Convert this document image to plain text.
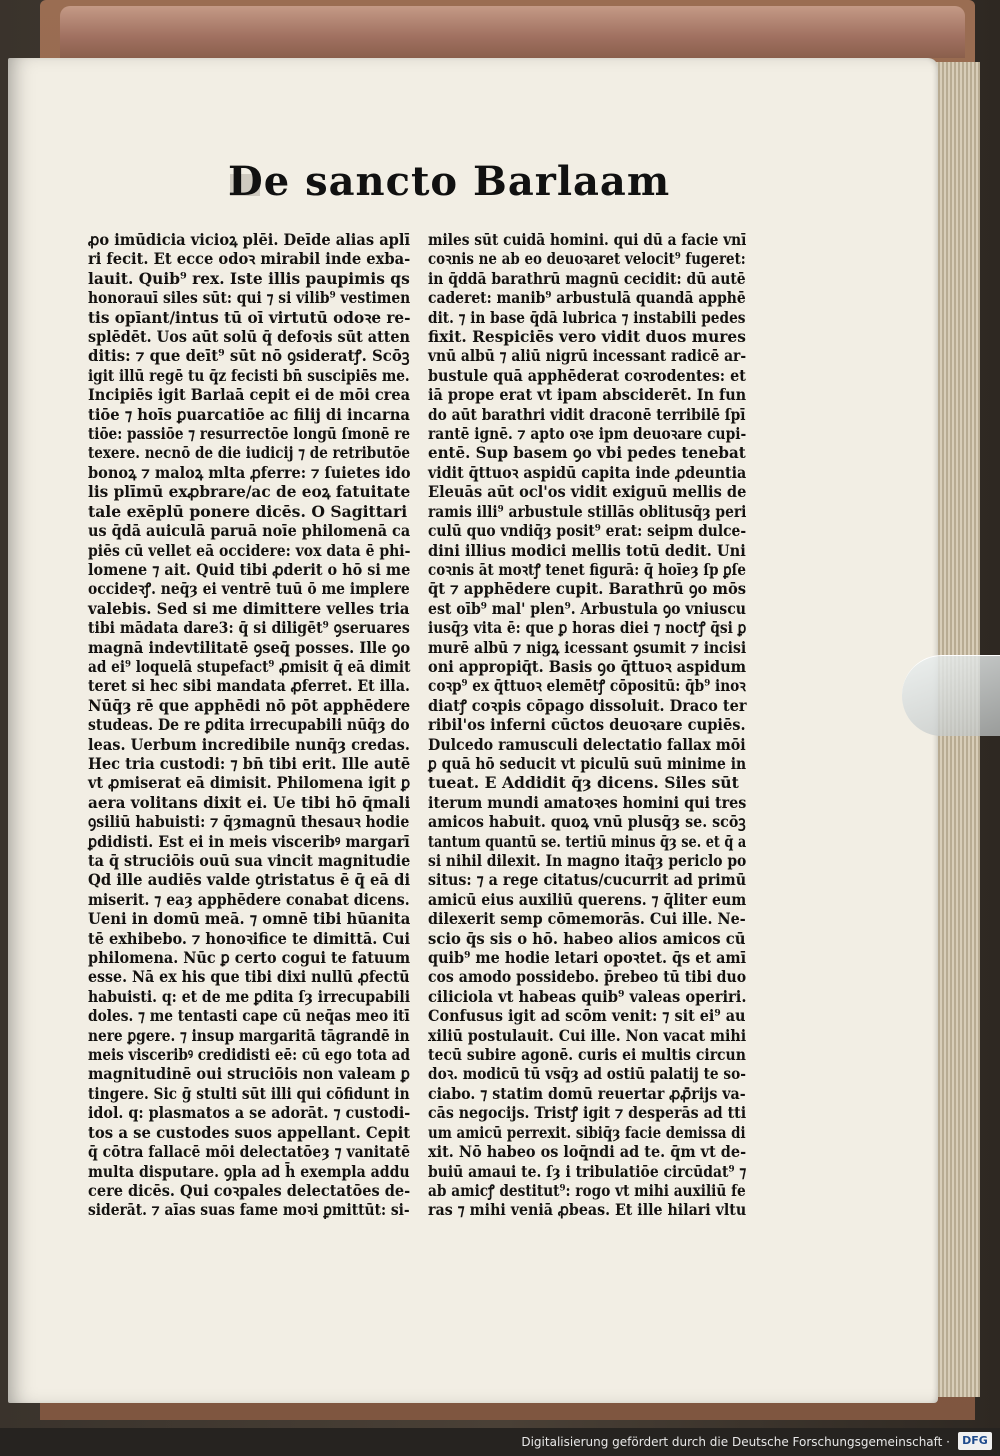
De sancto Barlaam
ꝓo imūdicia vicioꝝ plēi. Deīde alias aplī
ri fecit. Et ecce odoꝛ mirabil inde exba-
lauit. Quib⁹ rex. Iste illis paupimis qs
honorauī siles sūt: qui ⁊ si vilib⁹ vestimen
tis opīant/intus tū oī virtutū odoꝛe re-
splēdēt. Uos aūt solū q̄ defoꝛis sūt atten
ditis: ⁊ que deīt⁹ sūt nō ꝯsideratꝭ. Scōꝫ
igit illū regē tu q̄z fecisti bn̄ suscipiēs me.
Incipiēs igit Barlaā cepit ei de mōi crea
tiōe ⁊ hoīs ꝑuarcatiōe ac filij di incarna
tiōe: passiōe ⁊ resurrectōe longū ſmonē re
texere. necnō de die iudicij ⁊ de retributōe
bonoꝝ ⁊ maloꝝ mlta ꝓferre: ⁊ ſuietes ido
lis plīmū exꝓbrare/ac de eoꝝ fatuitate
tale exēplū ponere dicēs. O Sagittari
us q̄dā auiculā paruā noīe philomenā ca
piēs cū vellet eā occidere: vox data ē phi-
lomene ⁊ ait. Quid tibi ꝓderit o hō si me
occideꝛꝭ. neq̄ȝ ei ventrē tuū ō me implere
valebis. Sed si me dimittere velles tria
tibi mādata dare3: q̄ si diligēt⁹ ꝯseruares
magnā indevtilitatē ꝯseq̄ posses. Ille ꝯo
ad ei⁹ loquelā stupefact⁹ ꝓmisit q̄ eā dimit
teret si hec sibi mandata ꝓferret. Et illa.
Nūq̄ȝ rē que apphēdi nō pōt apphēdere
studeas. De re ꝑdita irrecupabili nūq̄ȝ do
leas. Uerbum incredibile nunq̄ȝ credas.
Hec tria custodi: ⁊ bn̄ tibi erit. Ille autē
vt ꝓmiserat eā dimisit. Philomena igit ꝑ
aera volitans dixit ei. Ue tibi hō q̄mali
ꝯsiliū habuisti: ⁊ q̄ȝmagnū thesauꝛ hodie
ꝑdidisti. Est ei in meis visceribꝰ margarī
ta q̄ struciōis ouū sua vincit magnitudie
Qd ille audiēs valde ꝯtristatus ē q̄ eā di
miserit. ⁊ eaȝ apphēdere conabat dicens.
Ueni in domū meā. ⁊ omnē tibi hūanita
tē exhibebo. ⁊ honoꝛifice te dimittā. Cui
philomena. Nūc ꝑ certo cogui te fatuum
esse. Nā ex his que tibi dixi nullū ꝓfectū
habuisti. q: et de me ꝑdita ſȝ irrecupabili
doles. ⁊ me tentasti cape cū neq̄as meo itī
nere ꝑgere. ⁊ insup margaritā tāgrandē in
meis visceribꝰ credidisti eē: cū ego tota ad
magnitudinē oui struciōis non valeam ꝑ
tingere. Sic ḡ stulti sūt illi qui cōfidunt in
idol. q: plasmatos a se adorāt. ⁊ custodi-
tos a se custodes suos appellant. Cepit
q̄ cōtra fallacē mōi delectatōeȝ ⁊ vanitatē
multa disputare. ꝯpla ad h̄ exempla addu
cere dicēs. Qui coꝛpales delectatōes de-
siderāt. ⁊ aīas suas fame moꝛi ꝑmittūt: si-
miles sūt cuidā homini. qui dū a facie vnī
coꝛnis ne ab eo deuoꝛaret velocit⁹ fugeret:
in q̄ddā barathrū magnū cecidit: dū autē
caderet: manib⁹ arbustulā quandā apphē
dit. ⁊ in base q̄dā lubrica ⁊ instabili pedes
fixit. Respiciēs vero vidit duos mures
vnū albū ⁊ aliū nigrū incessant radicē ar-
bustule quā apphēderat coꝛrodentes: et
iā prope erat vt ipam absciderēt. In fun
do aūt barathri vidit draconē terribilē ſpī
rantē ignē. ⁊ apto oꝛe ipm deuoꝛare cupi-
entē. Sup basem ꝯo vbi pedes tenebat
vidit q̄ttuoꝛ aspidū capita inde ꝓdeuntia
Eleuās aūt ocl'os vidit exiguū mellis de
ramis illi⁹ arbustule stillās oblitusq̄ȝ peri
culū quo vndiq̄ȝ posit⁹ erat: seipm dulce-
dini illius modici mellis totū dedit. Uni
coꝛnis āt moꝛtꝭ tenet figurā: q̄ hoīeȝ ſp ꝑſe
q̄t ⁊ apphēdere cupit. Barathrū ꝯo mōs
est oīb⁹ mal' plen⁹. Arbustula ꝯo vniuscu
iusq̄ȝ vita ē: que ꝑ horas diei ⁊ noctꝭ q̄si ꝑ
murē albū ⁊ nigꝝ icessant ꝯsumit ⁊ incisi
oni appropiq̄t. Basis ꝯo q̄ttuoꝛ aspidum
coꝛp⁹ ex q̄ttuoꝛ elemētꝭ cōpositū: q̄b⁹ inoꝛ
diatꝭ coꝛpis cōpago dissoluit. Draco ter
ribil'os inferni cūctos deuoꝛare cupiēs.
Dulcedo ramusculi delectatio fallax mōi
ꝑ quā hō seducit vt piculū suū minime in
tueat. E Addidit q̄ȝ dicens. Siles sūt
iterum mundi amatoꝛes homini qui tres
amicos habuit. quoꝝ vnū plusq̄ȝ se. scōꝫ
tantum quantū se. tertiū minus q̄ȝ se. et q̄ a
si nihil dilexit. In magno itaq̄ȝ periclo po
situs: ⁊ a rege citatus/cucurrit ad primū
amicū eius auxiliū querens. ⁊ q̄liter eum
dilexerit semp cōmemorās. Cui ille. Ne-
scio q̄s sis o hō. habeo alios amicos cū
quib⁹ me hodie letari opoꝛtet. q̄s et amī
cos amodo possidebo. p̄rebeo tū tibi duo
ciliciola vt habeas quib⁹ valeas operiri.
Confusus igit ad scōm venit: ⁊ sit ei⁹ au
xiliū postulauit. Cui ille. Non vacat mihi
tecū subire agonē. curis ei multis circun
doꝛ. modicū tū vsq̄ȝ ad ostiū palatij te so-
ciabo. ⁊ statim domū reuertar ꝓꝓ̄rijs va-
cās negocijs. Tristꝭ igit ⁊ desperās ad tti
um amicū perrexit. sibiq̄ȝ facie demissa di
xit. Nō habeo os loq̄ndi ad te. q̄m vt de-
buiū amaui te. ſȝ i tribulatiōe circūdat⁹ ⁊
ab amicꝭ destitut⁹: rogo vt mihi auxiliū fe
ras ⁊ mihi veniā ꝓbeas. Et ille hilari vltu
Digitalisierung gefördert durch die Deutsche Forschungsgemeinschaft ·	DFG
